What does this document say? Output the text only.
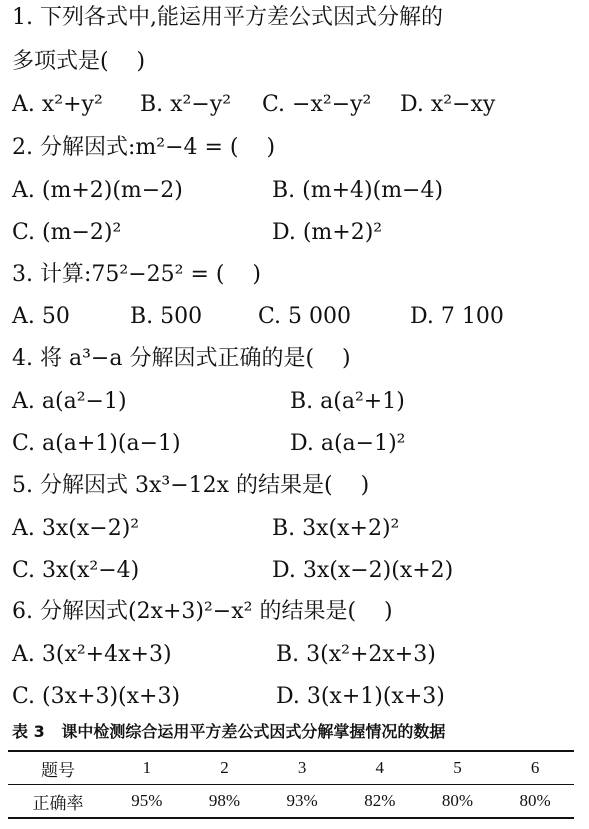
1. 下列各式中,能运用平方差公式因式分解的
多项式是(    )
A. x²+y² B. x²−y² C. −x²−y² D. x²−xy
2. 分解因式:m²−4 = (    )
A. (m+2)(m−2)	B. (m+4)(m−4)
C. (m−2)²	D. (m+2)²
3. 计算:75²−25² = (    )
A. 50	B. 500	C. 5 000	D. 7 100
4. 将 a³−a 分解因式正确的是(    )
A. a(a²−1)	B. a(a²+1)
C. a(a+1)(a−1)	D. a(a−1)²
5. 分解因式 3x³−12x 的结果是(    )
A. 3x(x−2)²	B. 3x(x+2)²
C. 3x(x²−4)	D. 3x(x−2)(x+2)
6. 分解因式(2x+3)²−x² 的结果是(    )
A. 3(x²+4x+3)	B. 3(x²+2x+3)
C. (3x+3)(x+3)	D. 3(x+1)(x+3)
表 3   课中检测综合运用平方差公式因式分解掌握情况的数据
题号	1	2	3	4	5	6
正确率	95%	98%	93%	82%	80%	80%
